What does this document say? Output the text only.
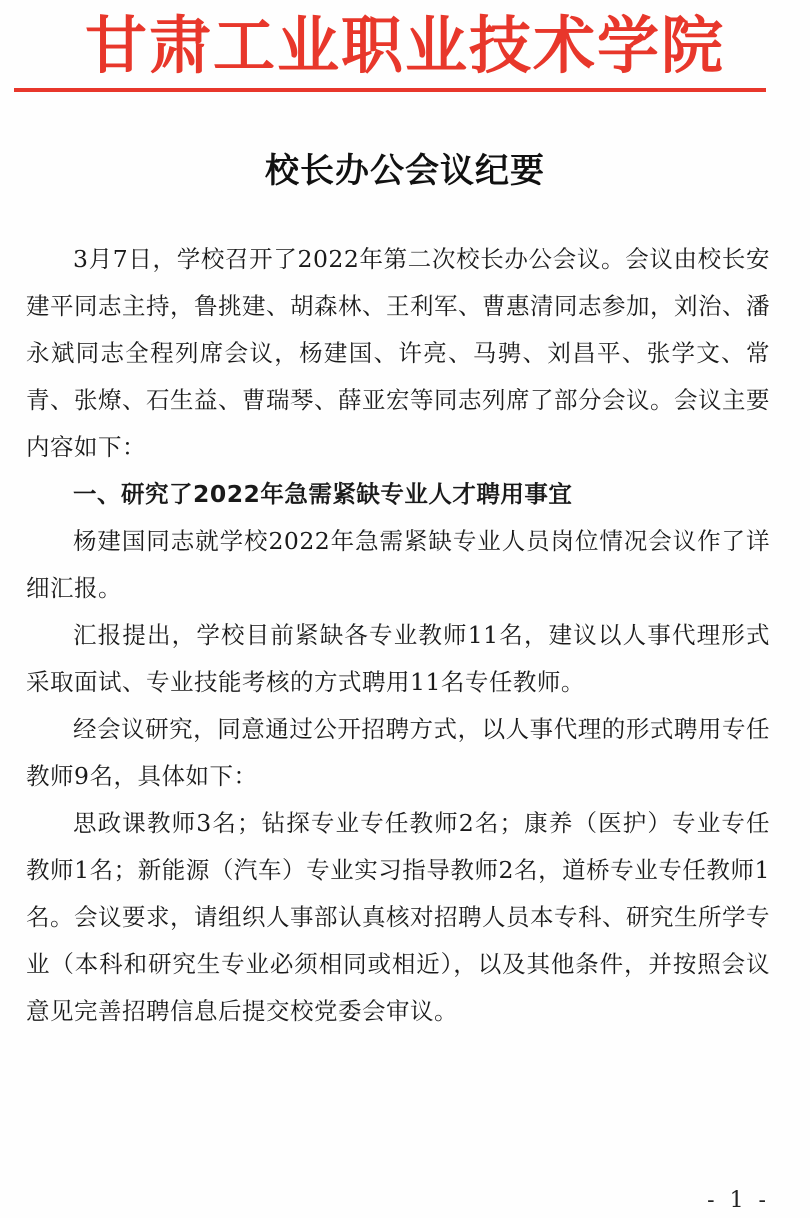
甘肃工业职业技术学院
校长办公会议纪要

3月7日，学校召开了2022年第二次校长办公会议。会议由校长安建平同志主持，鲁挑建、胡森林、王利军、曹惠清同志参加，刘治、潘永斌同志全程列席会议，杨建国、许亮、马骋、刘昌平、张学文、常青、张燎、石生益、曹瑞琴、薛亚宏等同志列席了部分会议。会议主要内容如下：

一、研究了2022年急需紧缺专业人才聘用事宜

杨建国同志就学校2022年急需紧缺专业人员岗位情况会议作了详细汇报。

汇报提出，学校目前紧缺各专业教师11名，建议以人事代理形式采取面试、专业技能考核的方式聘用11名专任教师。

经会议研究，同意通过公开招聘方式，以人事代理的形式聘用专任教师9名，具体如下：

思政课教师3名；钻探专业专任教师2名；康养（医护）专业专任教师1名；新能源（汽车）专业实习指导教师2名，道桥专业专任教师1名。会议要求，请组织人事部认真核对招聘人员本专科、研究生所学专业（本科和研究生专业必须相同或相近），以及其他条件，并按照会议意见完善招聘信息后提交校党委会审议。

- 1 -
